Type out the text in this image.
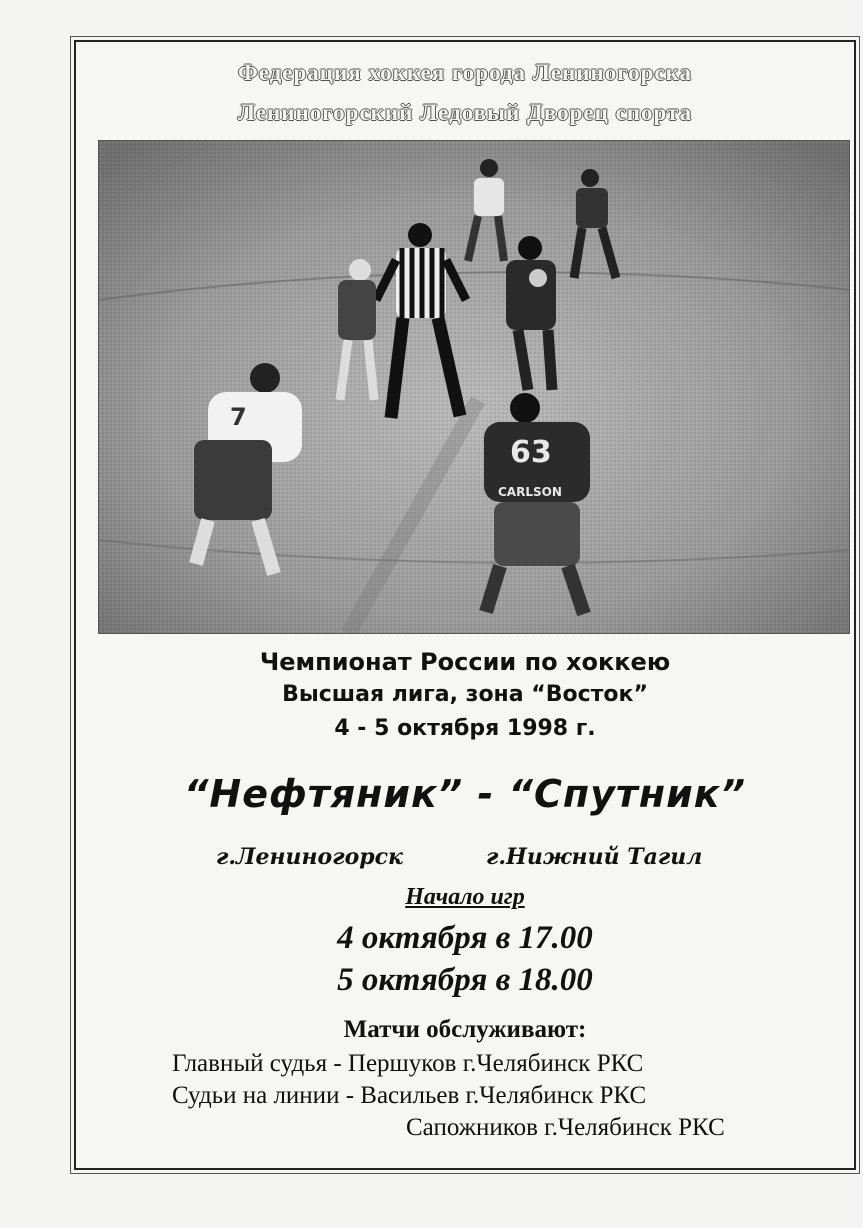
Федерация хоккея города Лениногорска
Лениногорский Ледовый Дворец спорта
7
63
CARLSON
Чемпионат России по хоккею
Высшая лига, зона “Восток”
4 - 5 октября 1998 г.
“Нефтяник” - “Спутник”
г.Лениногорск	г.Нижний Тагил
Начало игр
4 октября в 17.00
5 октября в 18.00
Матчи обслуживают:
Главный судья - Першуков г.Челябинск РКС
Судьи на линии - Васильев г.Челябинск РКС
Сапожников г.Челябинск РКС
